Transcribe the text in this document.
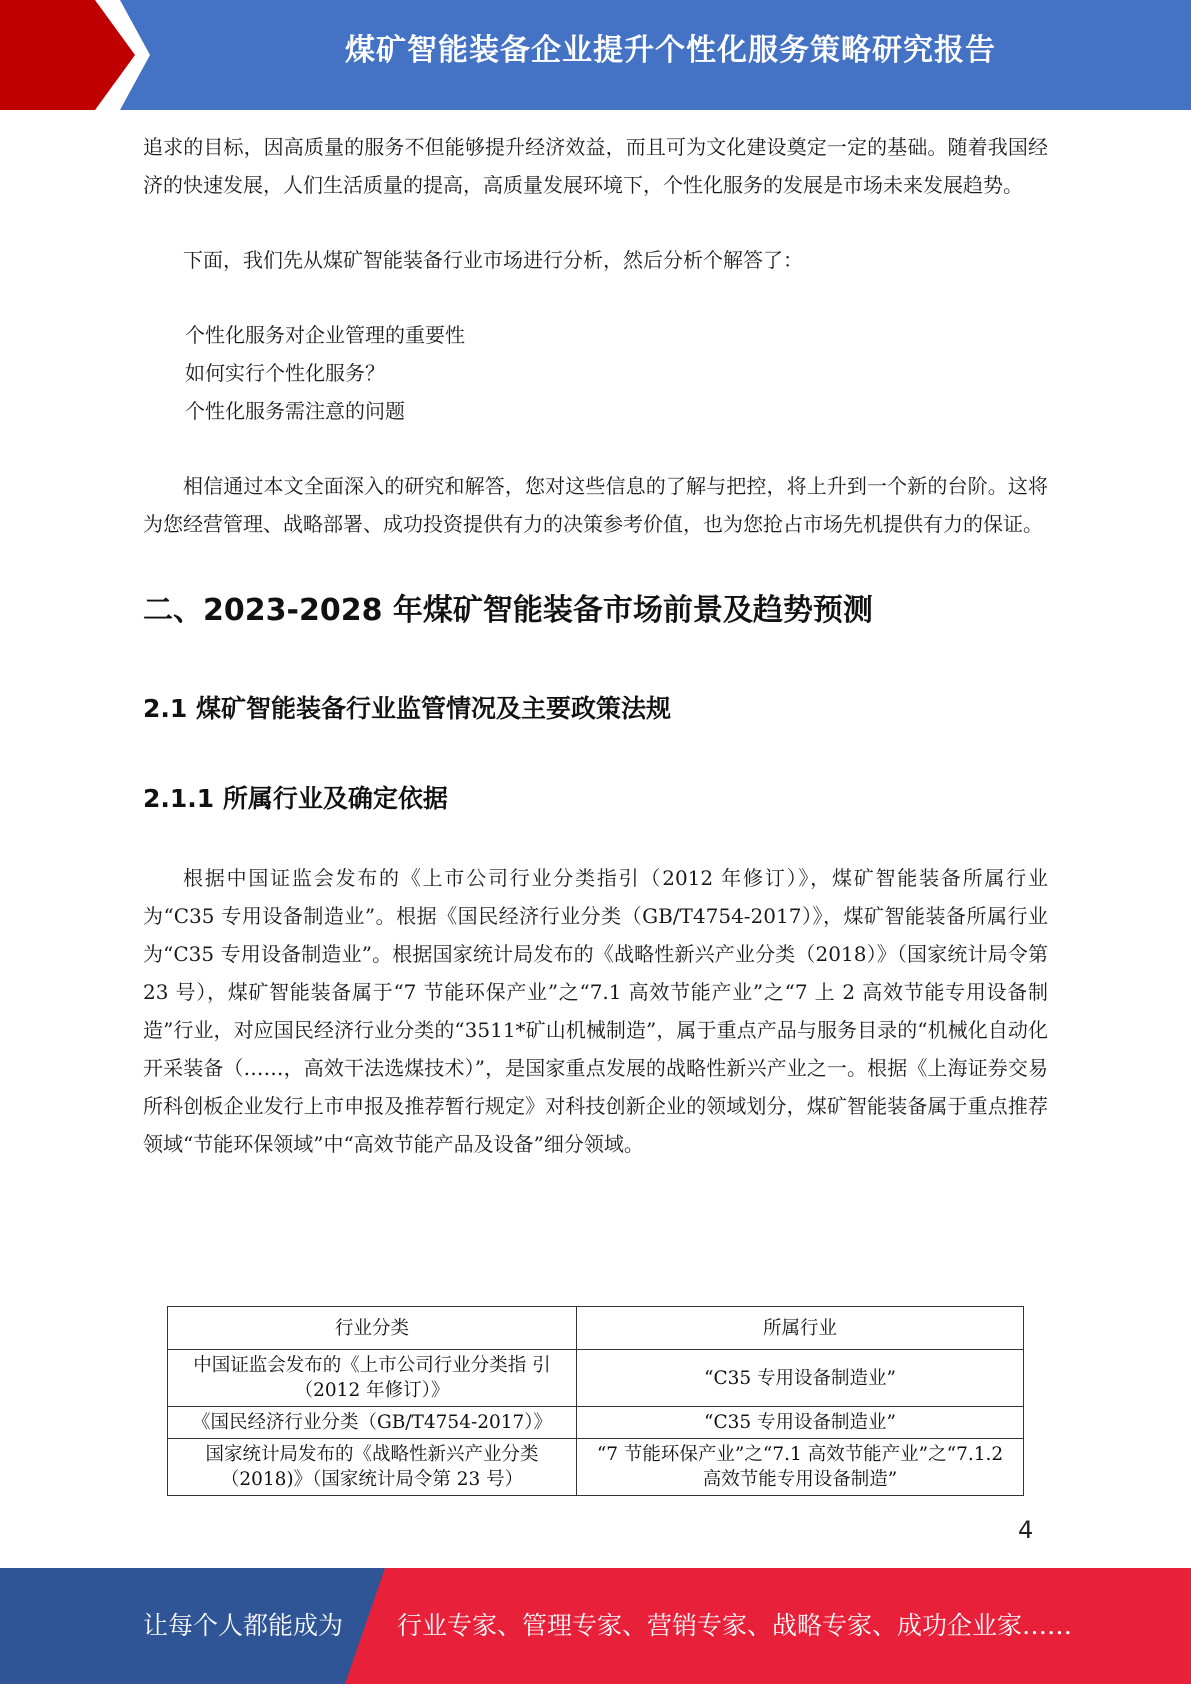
煤矿智能装备企业提升个性化服务策略研究报告

追求的目标，因高质量的服务不但能够提升经济效益，而且可为文化建设奠定一定的基础。随着我国经济的快速发展，人们生活质量的提高，高质量发展环境下，个性化服务的发展是市场未来发展趋势。

下面，我们先从煤矿智能装备行业市场进行分析，然后分析个解答了：

个性化服务对企业管理的重要性
如何实行个性化服务？
个性化服务需注意的问题

相信通过本文全面深入的研究和解答，您对这些信息的了解与把控，将上升到一个新的台阶。这将为您经营管理、战略部署、成功投资提供有力的决策参考价值，也为您抢占市场先机提供有力的保证。

二、2023-2028 年煤矿智能装备市场前景及趋势预测
2.1 煤矿智能装备行业监管情况及主要政策法规
2.1.1 所属行业及确定依据

根据中国证监会发布的《上市公司行业分类指引（2012 年修订）》，煤矿智能装备所属行业为“C35 专用设备制造业”。根据《国民经济行业分类（GB/T4754-2017）》，煤矿智能装备所属行业为“C35 专用设备制造业”。根据国家统计局发布的《战略性新兴产业分类（2018）》（国家统计局令第 23 号），煤矿智能装备属于“7 节能环保产业”之“7.1 高效节能产业”之“7 上 2 高效节能专用设备制造”行业，对应国民经济行业分类的“3511*矿山机械制造”，属于重点产品与服务目录的“机械化自动化开采装备（……，高效干法选煤技术）”，是国家重点发展的战略性新兴产业之一。根据《上海证券交易所科创板企业发行上市申报及推荐暂行规定》对科技创新企业的领域划分，煤矿智能装备属于重点推荐领域“节能环保领域”中“高效节能产品及设备”细分领域。

行业分类	所属行业
中国证监会发布的《上市公司行业分类指 引（2012 年修订）》	“C35 专用设备制造业”
《国民经济行业分类（GB/T4754-2017）》	“C35 专用设备制造业”
国家统计局发布的《战略性新兴产业分类（2018)》（国家统计局令第 23 号）	“7 节能环保产业”之“7.1 高效节能产业”之“7.1.2 高效节能专用设备制造”
4
让每个人都能成为 行业专家、管理专家、营销专家、战略专家、成功企业家……
